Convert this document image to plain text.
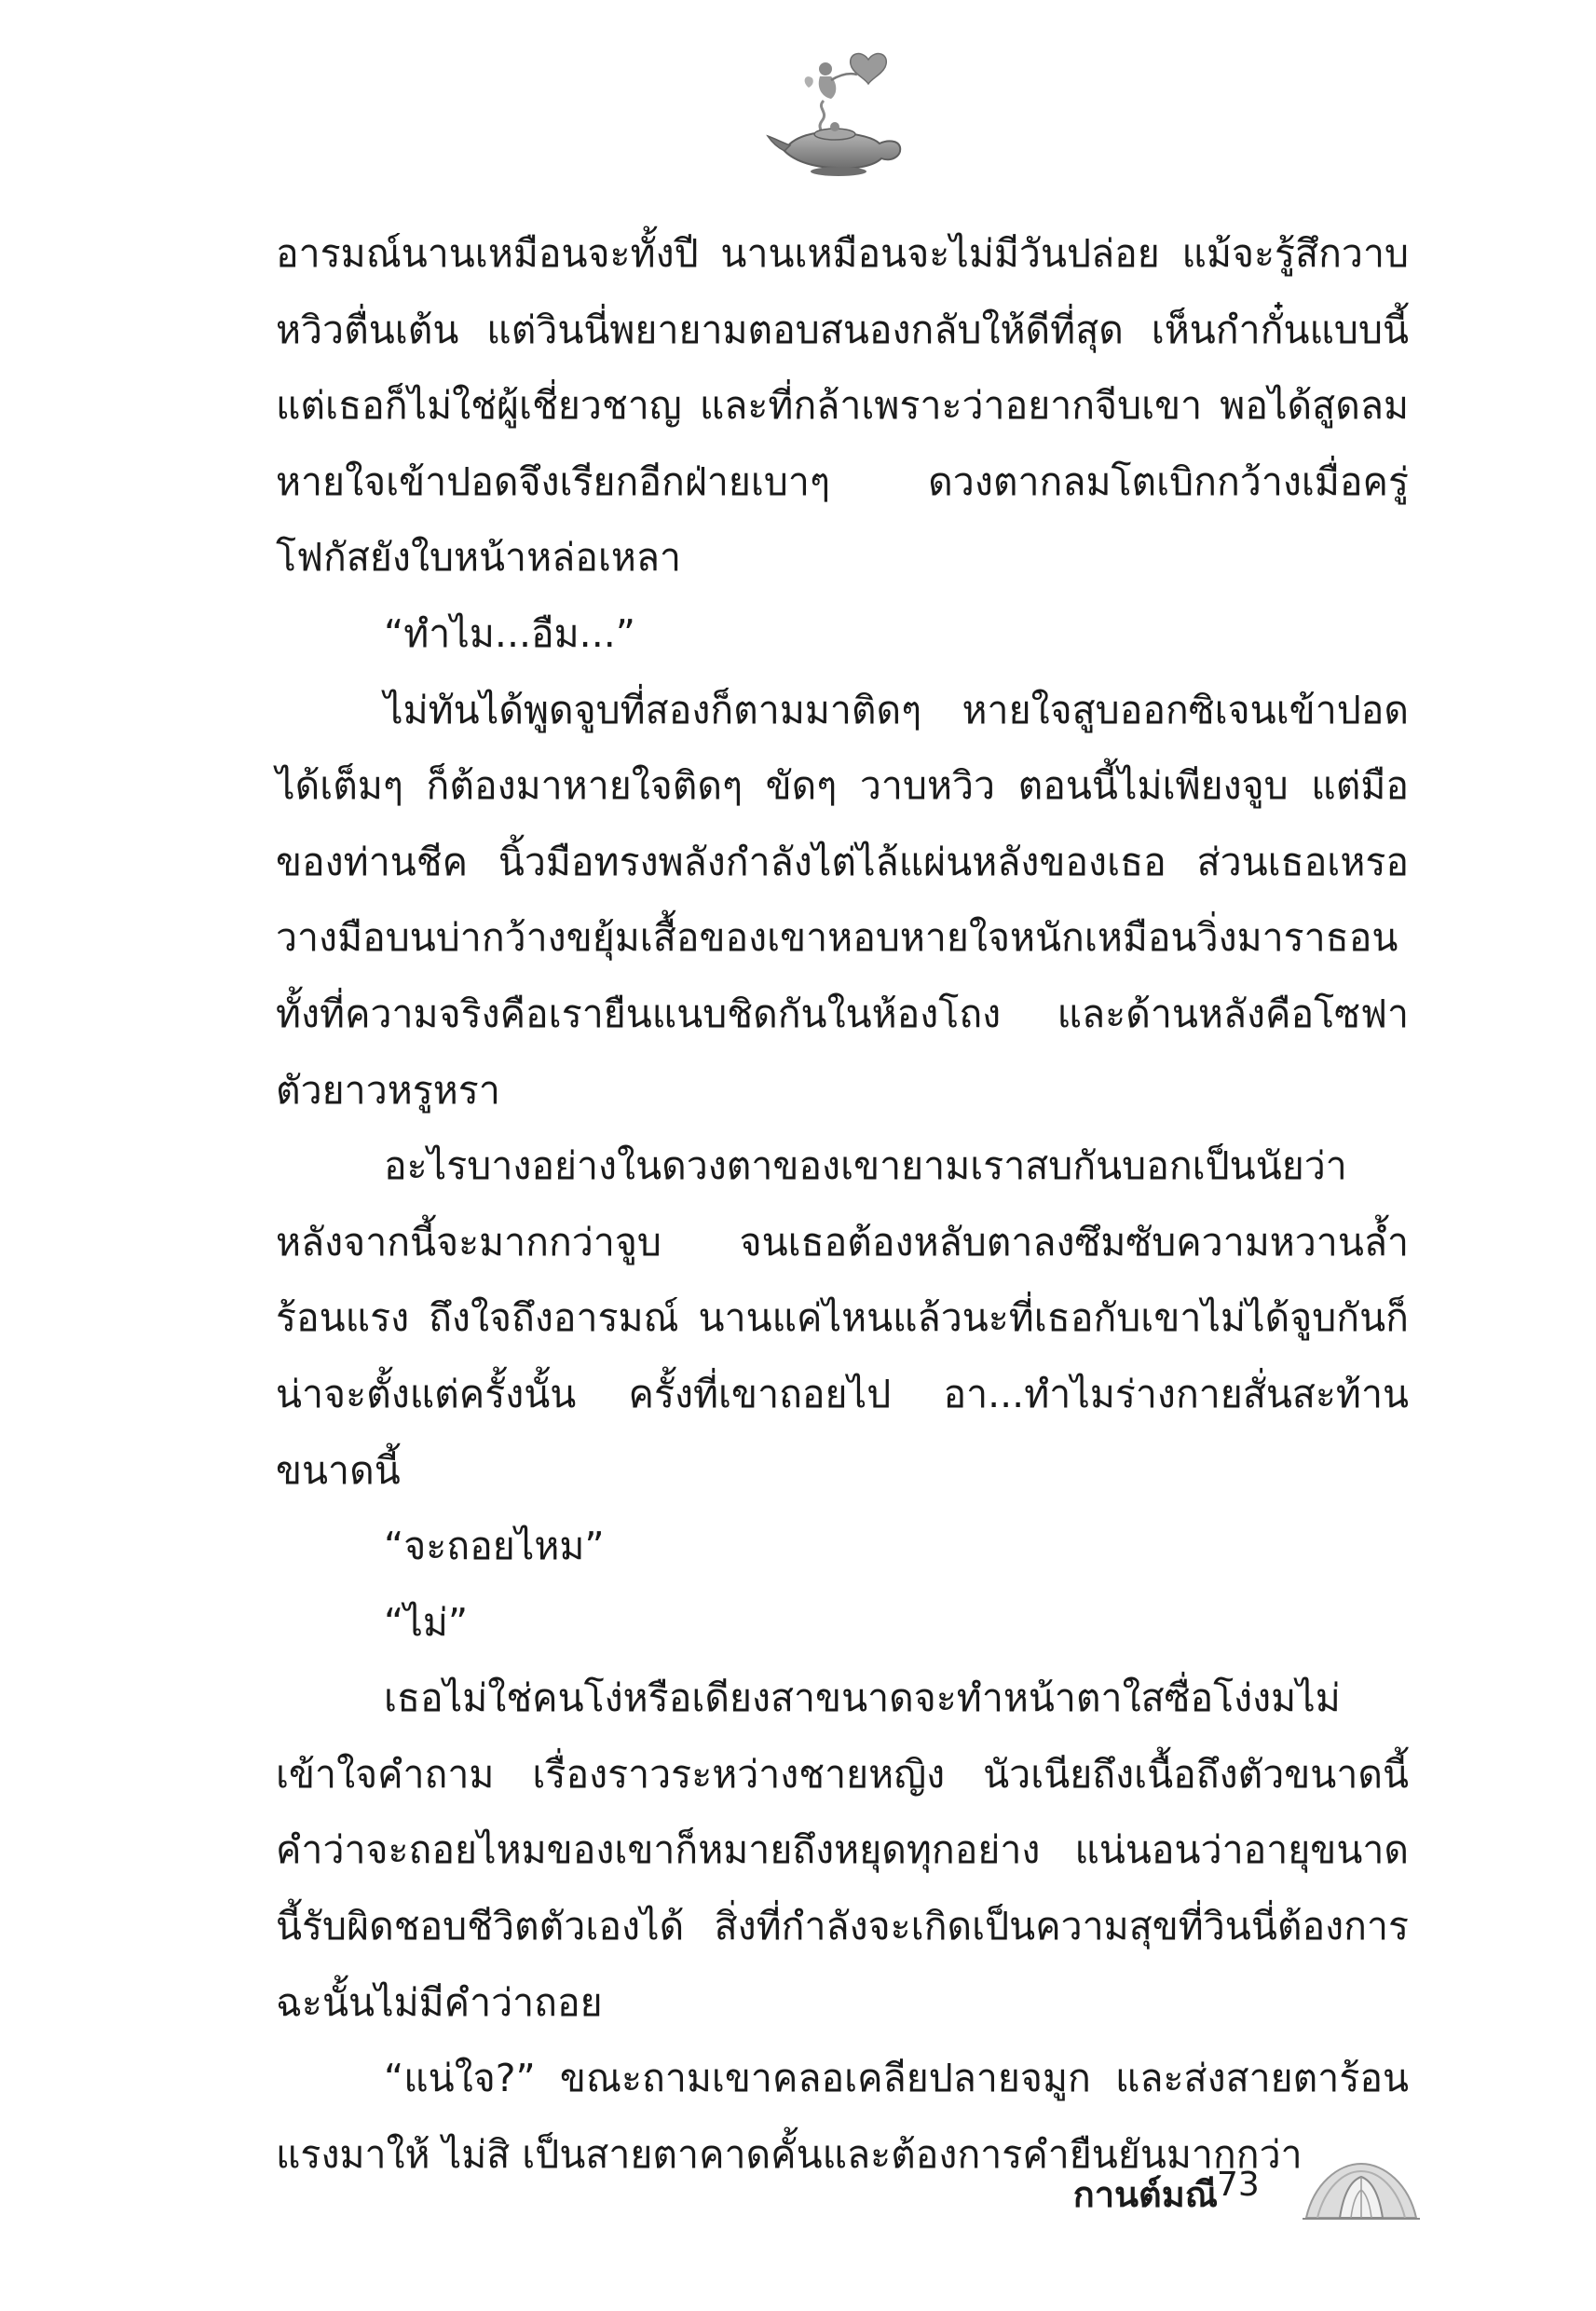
อารมณ์นานเหมือนจะทั้งปี นานเหมือนจะไม่มีวันปล่อย แม้จะรู้สึกวาบหวิวตื่นเต้น แต่วินนี่พยายามตอบสนองกลับให้ดีที่สุด เห็นกำกั๋นแบบนี้แต่เธอก็ไม่ใช่ผู้เชี่ยวชาญ และที่กล้าเพราะว่าอยากจีบเขา พอได้สูดลมหายใจเข้าปอดจึงเรียกอีกฝ่ายเบาๆ ดวงตากลมโตเบิกกว้างเมื่อครู่โฟกัสยังใบหน้าหล่อเหลา

“ทำไม...อืม...”

ไม่ทันได้พูดจูบที่สองก็ตามมาติดๆ หายใจสูบออกซิเจนเข้าปอดได้เต็มๆ ก็ต้องมาหายใจติดๆ ขัดๆ วาบหวิว ตอนนี้ไม่เพียงจูบ แต่มือของท่านชีค นิ้วมือทรงพลังกำลังไต่ไล้แผ่นหลังของเธอ ส่วนเธอเหรอวางมือบนบ่ากว้างขยุ้มเสื้อของเขาหอบหายใจหนักเหมือนวิ่งมาราธอนทั้งที่ความจริงคือเรายืนแนบชิดกันในห้องโถง และด้านหลังคือโซฟาตัวยาวหรูหรา

อะไรบางอย่างในดวงตาของเขายามเราสบกันบอกเป็นนัยว่าหลังจากนี้จะมากกว่าจูบ จนเธอต้องหลับตาลงซึมซับความหวานล้ำร้อนแรง ถึงใจถึงอารมณ์ นานแค่ไหนแล้วนะที่เธอกับเขาไม่ได้จูบกันก็น่าจะตั้งแต่ครั้งนั้น ครั้งที่เขาถอยไป อา...ทำไมร่างกายสั่นสะท้านขนาดนี้

“จะถอยไหม”

“ไม่”

เธอไม่ใช่คนโง่หรือเดียงสาขนาดจะทำหน้าตาใสซื่อโง่งมไม่เข้าใจคำถาม เรื่องราวระหว่างชายหญิง นัวเนียถึงเนื้อถึงตัวขนาดนี้ คำว่าจะถอยไหมของเขาก็หมายถึงหยุดทุกอย่าง แน่นอนว่าอายุขนาดนี้รับผิดชอบชีวิตตัวเองได้ สิ่งที่กำลังจะเกิดเป็นความสุขที่วินนี่ต้องการฉะนั้นไม่มีคำว่าถอย

“แน่ใจ?” ขณะถามเขาคลอเคลียปลายจมูก และส่งสายตาร้อนแรงมาให้ ไม่สิ เป็นสายตาคาดคั้นและต้องการคำยืนยันมากกว่า

กานต์มณี 73
